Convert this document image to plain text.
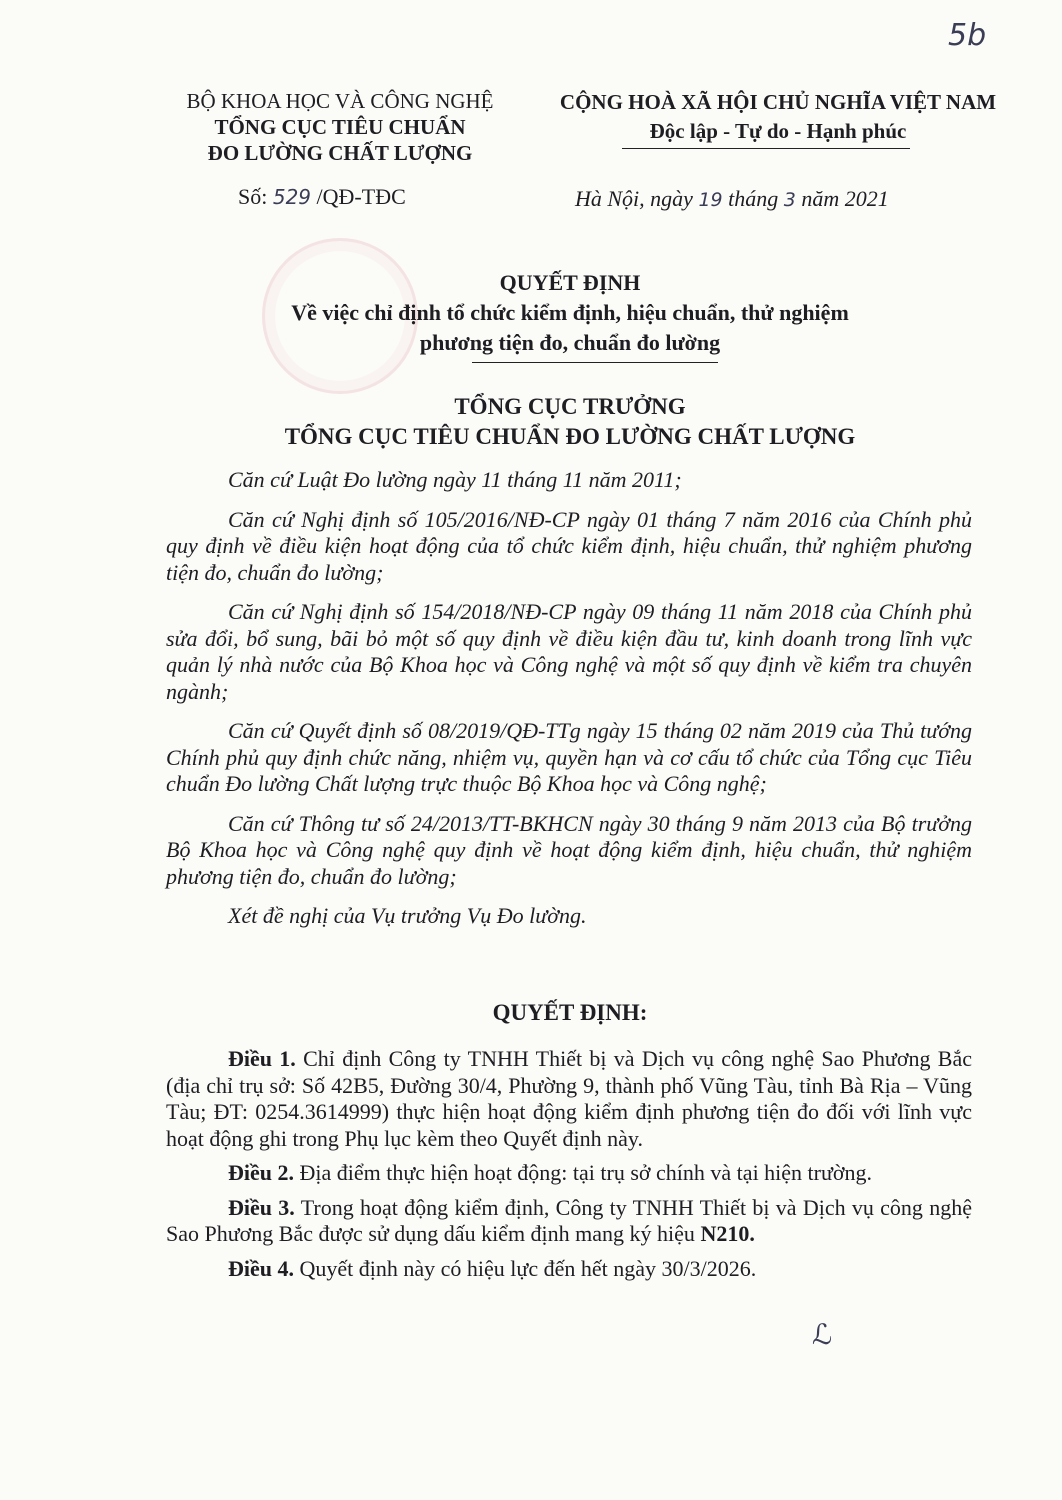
5b
BỘ KHOA HỌC VÀ CÔNG NGHỆ
TỔNG CỤC TIÊU CHUẨN
ĐO LƯỜNG CHẤT LƯỢNG
CỘNG HOÀ XÃ HỘI CHỦ NGHĨA VIỆT NAM
Độc lập - Tự do - Hạnh phúc
Số: 529 /QĐ-TĐC	Hà Nội, ngày 19 tháng 3 năm 2021
QUYẾT ĐỊNH
Về việc chỉ định tổ chức kiểm định, hiệu chuẩn, thử nghiệm
phương tiện đo, chuẩn đo lường
TỔNG CỤC TRƯỞNG
TỔNG CỤC TIÊU CHUẨN ĐO LƯỜNG CHẤT LƯỢNG

Căn cứ Luật Đo lường ngày 11 tháng 11 năm 2011;

Căn cứ Nghị định số 105/2016/NĐ-CP ngày 01 tháng 7 năm 2016 của Chính phủ quy định về điều kiện hoạt động của tổ chức kiểm định, hiệu chuẩn, thử nghiệm phương tiện đo, chuẩn đo lường;

Căn cứ Nghị định số 154/2018/NĐ-CP ngày 09 tháng 11 năm 2018 của Chính phủ sửa đổi, bổ sung, bãi bỏ một số quy định về điều kiện đầu tư, kinh doanh trong lĩnh vực quản lý nhà nước của Bộ Khoa học và Công nghệ và một số quy định về kiểm tra chuyên ngành;

Căn cứ Quyết định số 08/2019/QĐ-TTg ngày 15 tháng 02 năm 2019 của Thủ tướng Chính phủ quy định chức năng, nhiệm vụ, quyền hạn và cơ cấu tổ chức của Tổng cục Tiêu chuẩn Đo lường Chất lượng trực thuộc Bộ Khoa học và Công nghệ;

Căn cứ Thông tư số 24/2013/TT-BKHCN ngày 30 tháng 9 năm 2013 của Bộ trưởng Bộ Khoa học và Công nghệ quy định về hoạt động kiểm định, hiệu chuẩn, thử nghiệm phương tiện đo, chuẩn đo lường;

Xét đề nghị của Vụ trưởng Vụ Đo lường.

QUYẾT ĐỊNH:

Điều 1. Chỉ định Công ty TNHH Thiết bị và Dịch vụ công nghệ Sao Phương Bắc (địa chỉ trụ sở: Số 42B5, Đường 30/4, Phường 9, thành phố Vũng Tàu, tỉnh Bà Rịa – Vũng Tàu; ĐT: 0254.3614999) thực hiện hoạt động kiểm định phương tiện đo đối với lĩnh vực hoạt động ghi trong Phụ lục kèm theo Quyết định này.

Điều 2. Địa điểm thực hiện hoạt động: tại trụ sở chính và tại hiện trường.

Điều 3. Trong hoạt động kiểm định, Công ty TNHH Thiết bị và Dịch vụ công nghệ Sao Phương Bắc được sử dụng dấu kiểm định mang ký hiệu N210.

Điều 4. Quyết định này có hiệu lực đến hết ngày 30/3/2026.

ℒ
